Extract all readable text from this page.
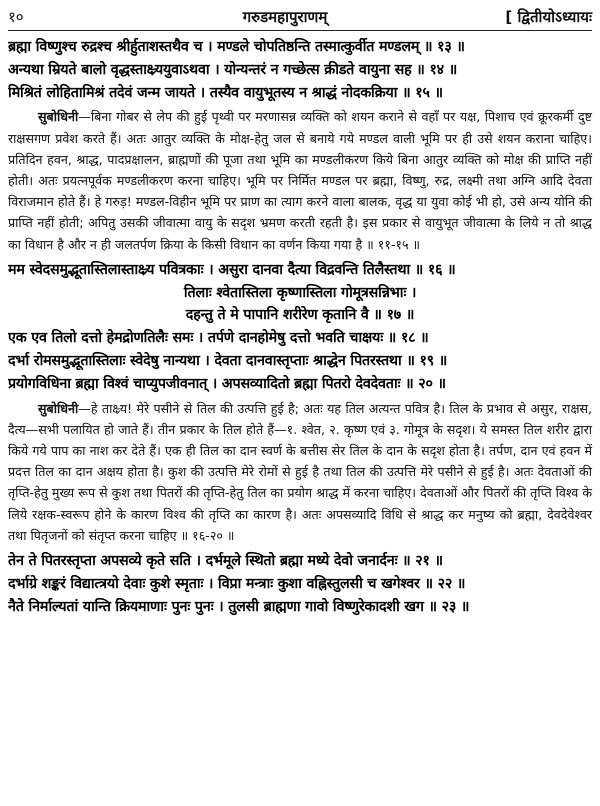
१०	गरुडमहापुराणम्	[ द्वितीयोऽध्यायः
ब्रह्मा विष्णुश्च रुद्रश्च श्रीर्हुताशस्तथैव च । मण्डले चोपतिष्ठन्ति तस्मात्कुर्वीत मण्डलम् ॥ १३ ॥
अन्यथा म्रियते बालो वृद्धस्ताक्ष्र्ययुवाऽथवा । योन्यन्तरं न गच्छेत्स क्रीडते वायुना सह ॥ १४ ॥
मिश्रितं लोहितामिश्रं तदेवं जन्म जायते । तस्यैव वायुभूतस्य न श्राद्धं नोदकक्रिया ॥ १५ ॥

सुबोधिनी—बिना गोबर से लेप की हुई पृथ्वी पर मरणासन्न व्यक्ति को शयन कराने से वहाँ पर यक्ष, पिशाच एवं क्रूरकर्मी दुष्ट राक्षसगण प्रवेश करते हैं। अतः आतुर व्यक्ति के मोक्ष-हेतु जल से बनाये गये मण्डल वाली भूमि पर ही उसे शयन कराना चाहिए। प्रतिदिन हवन, श्राद्ध, पादप्रक्षालन, ब्राह्मणों की पूजा तथा भूमि का मण्डलीकरण किये बिना आतुर व्यक्ति को मोक्ष की प्राप्ति नहीं होती। अतः प्रयत्नपूर्वक मण्डलीकरण करना चाहिए। भूमि पर निर्मित मण्डल पर ब्रह्मा, विष्णु, रुद्र, लक्ष्मी तथा अग्नि आदि देवता विराजमान होते हैं। हे गरुड़! मण्डल-विहीन भूमि पर प्राण का त्याग करने वाला बालक, वृद्ध या युवा कोई भी हो, उसे अन्य योनि की प्राप्ति नहीं होती; अपितु उसकी जीवात्मा वायु के सदृश भ्रमण करती रहती है। इस प्रकार से वायुभूत जीवात्मा के लिये न तो श्राद्ध का विधान है और न ही जलतर्पण क्रिया के किसी विधान का वर्णन किया गया है ॥ ११-१५ ॥

मम स्वेदसमुद्भूतास्तिलास्ताक्ष्र्य पवित्रकाः । असुरा दानवा दैत्या विद्रवन्ति तिलैस्तथा ॥ १६ ॥
तिलाः श्वेतास्तिला कृष्णास्तिला गोमूत्रसन्निभाः ।
दहन्तु ते मे पापानि शरीरेण कृतानि वै ॥ १७ ॥
एक एव तिलो दत्तो हेमद्रोणतिलैः समः । तर्पणे दानहोमेषु दत्तो भवति चाक्षयः ॥ १८ ॥
दर्भा रोमसमुद्भूतास्तिलाः स्वेदेषु नान्यथा । देवता दानवास्तृप्ताः श्राद्धेन पितरस्तथा ॥ १९ ॥
प्रयोगविधिना ब्रह्मा विश्वं चाप्युपजीवनात् । अपसव्यादितो ब्रह्मा पितरो देवदेवताः ॥ २० ॥

सुबोधिनी—हे ताक्ष्र्य! मेरे पसीने से तिल की उत्पत्ति हुई है; अतः यह तिल अत्यन्त पवित्र है। तिल के प्रभाव से असुर, राक्षस, दैत्य—सभी पलायित हो जाते हैं। तीन प्रकार के तिल होते हैं—१. श्वेत, २. कृष्ण एवं ३. गोमूत्र के सदृश। ये समस्त तिल शरीर द्वारा किये गये पाप का नाश कर देते हैं। एक ही तिल का दान स्वर्ण के बत्तीस सेर तिल के दान के सदृश होता है। तर्पण, दान एवं हवन में प्रदत्त तिल का दान अक्षय होता है। कुश की उत्पत्ति मेरे रोमों से हुई है तथा तिल की उत्पत्ति मेरे पसीने से हुई है। अतः देवताओं की तृप्ति-हेतु मुख्य रूप से कुश तथा पितरों की तृप्ति-हेतु तिल का प्रयोग श्राद्ध में करना चाहिए। देवताओं और पितरों की तृप्ति विश्व के लिये रक्षक-स्वरूप होने के कारण विश्व की तृप्ति का कारण है। अतः अपसव्यादि विधि से श्राद्ध कर मनुष्य को ब्रह्मा, देवदेवेश्वर तथा पितृजनों को संतृप्त करना चाहिए ॥ १६-२० ॥

तेन ते पितरस्तृप्ता अपसव्ये कृते सति । दर्भमूले स्थितो ब्रह्मा मध्ये देवो जनार्दनः ॥ २१ ॥
दर्भाग्रे शङ्करं विद्यात्त्रयो देवाः कुशे स्मृताः । विप्रा मन्त्राः कुशा वह्निस्तुलसी च खगेश्वर ॥ २२ ॥
नैते निर्माल्यतां यान्ति क्रियमाणाः पुनः पुनः । तुलसी ब्राह्मणा गावो विष्णुरेकादशी खग ॥ २३ ॥
